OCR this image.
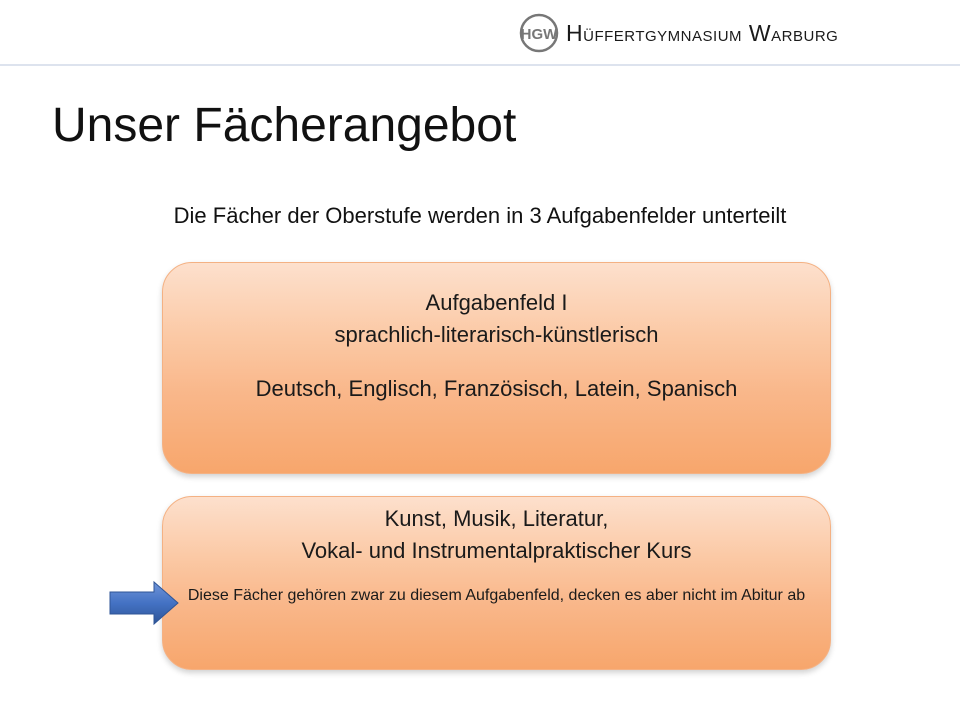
HGW HÜFFERTGYMNASIUM WARBURG
Unser Fächerangebot
Die Fächer der Oberstufe werden in 3 Aufgabenfelder unterteilt
Aufgabenfeld I
sprachlich-literarisch-künstlerisch
Deutsch, Englisch, Französisch, Latein, Spanisch
Kunst, Musik, Literatur,
Vokal- und Instrumentalpraktischer Kurs
Diese Fächer gehören zwar zu diesem Aufgabenfeld, decken es aber nicht im Abitur ab
